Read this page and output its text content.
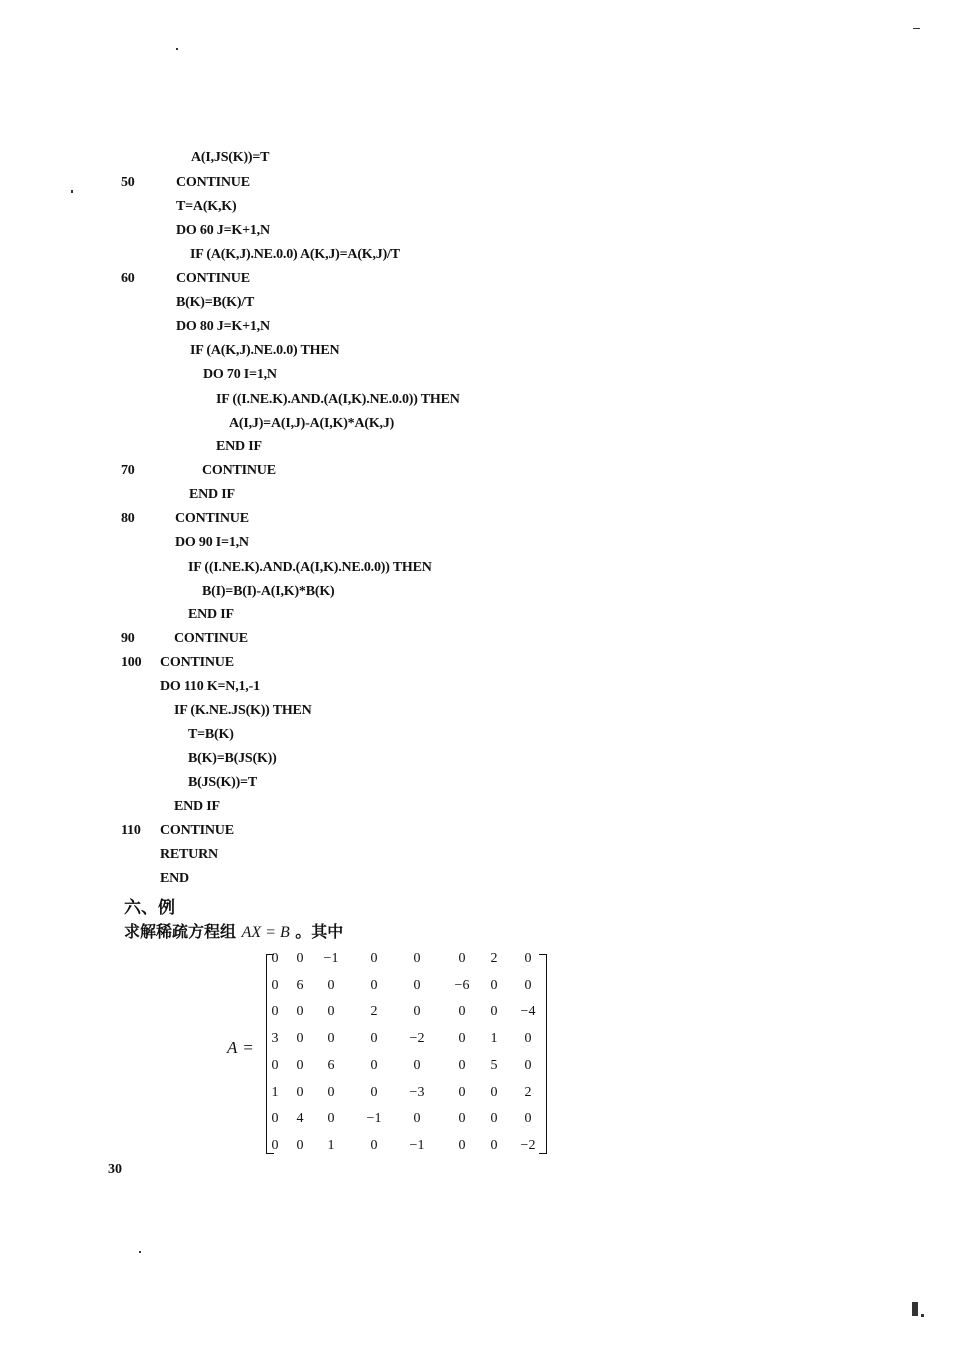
A(I,JS(K))=T
50	CONTINUE
T=A(K,K)
DO 60 J=K+1,N
IF (A(K,J).NE.0.0) A(K,J)=A(K,J)/T
60	CONTINUE
B(K)=B(K)/T
DO 80 J=K+1,N
IF (A(K,J).NE.0.0) THEN
DO 70 I=1,N
IF ((I.NE.K).AND.(A(I,K).NE.0.0)) THEN
A(I,J)=A(I,J)-A(I,K)*A(K,J)
END IF
70	CONTINUE
END IF
80	CONTINUE
DO 90 I=1,N
IF ((I.NE.K).AND.(A(I,K).NE.0.0)) THEN
B(I)=B(I)-A(I,K)*B(K)
END IF
90	CONTINUE
100	CONTINUE
DO 110 K=N,1,-1
IF (K.NE.JS(K)) THEN
T=B(K)
B(K)=B(JS(K))
B(JS(K))=T
END IF
110	CONTINUE
RETURN
END
六、例
求解稀疏方程组 AX = B 。其中
A =
0	0	−1	0	0	0	2	0
0	6	0	0	0	−6	0	0
0	0	0	2	0	0	0	−4
3	0	0	0	−2	0	1	0
0	0	6	0	0	0	5	0
1	0	0	0	−3	0	0	2
0	4	0	−1	0	0	0	0
0	0	1	0	−1	0	0	−2
30
